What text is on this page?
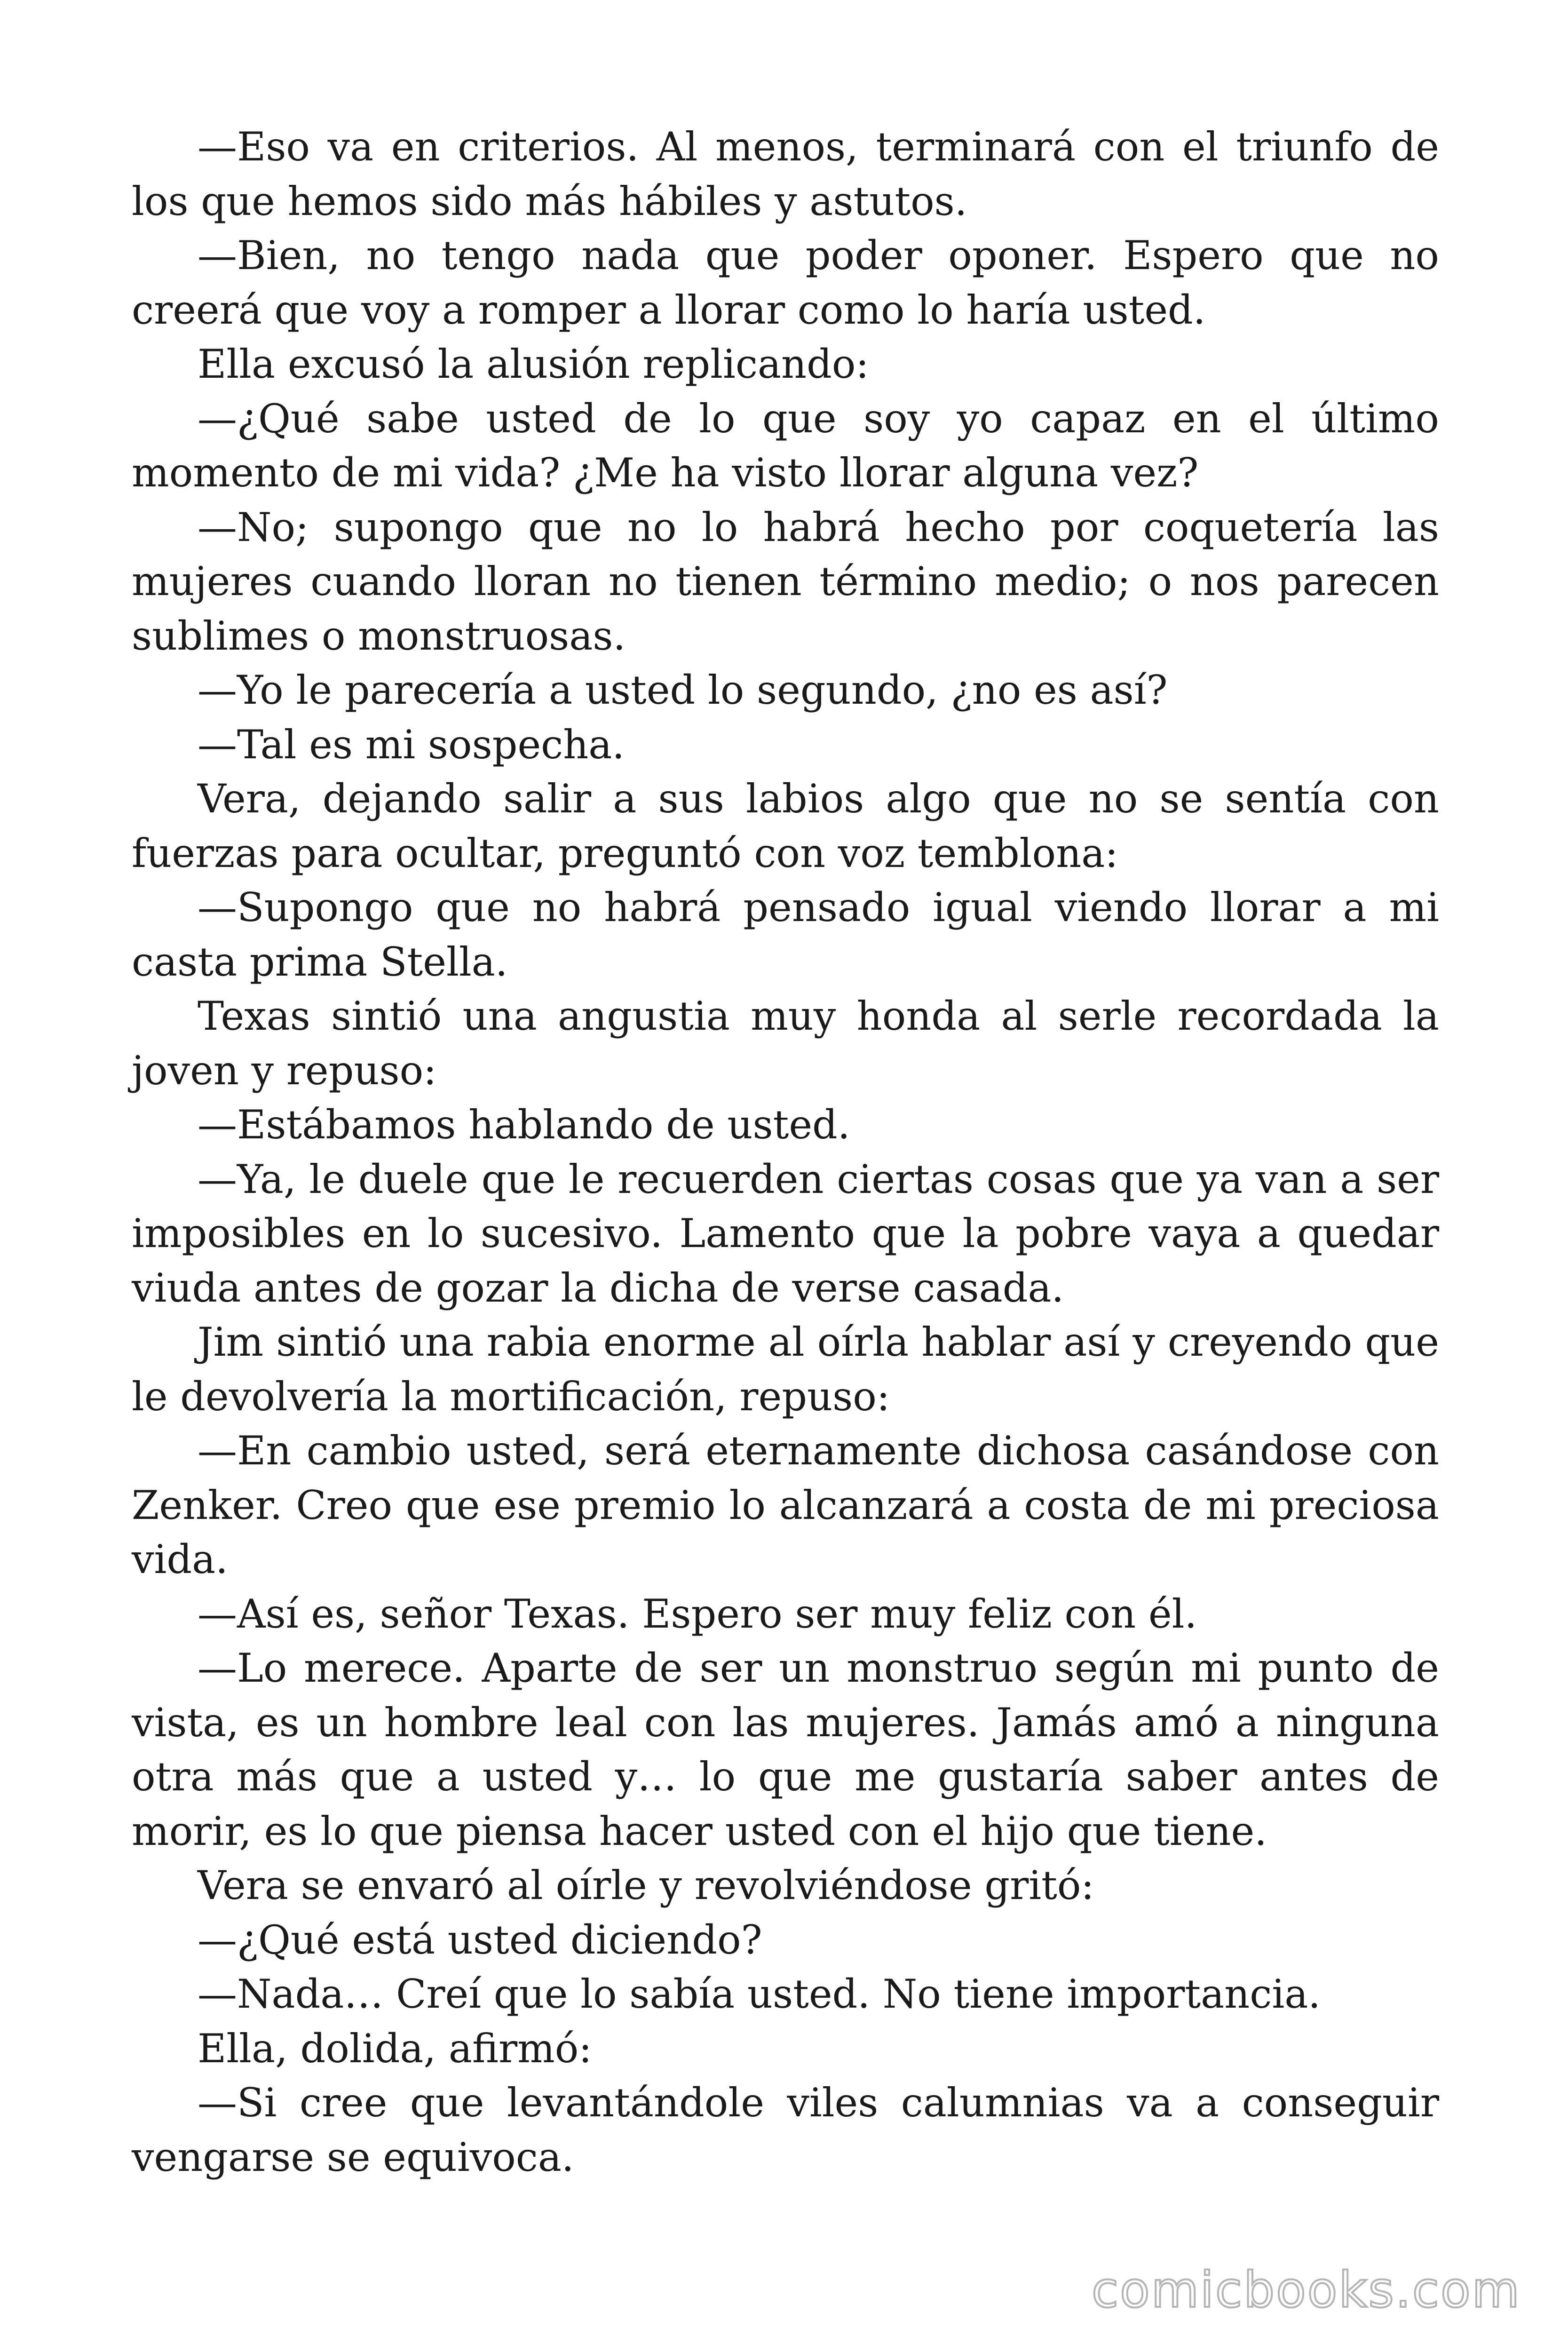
—Eso va en criterios. Al menos, terminará con el triunfo de los que hemos sido más hábiles y astutos.

—Bien, no tengo nada que poder oponer. Espero que no creerá que voy a romper a llorar como lo haría usted.

Ella excusó la alusión replicando:

—¿Qué sabe usted de lo que soy yo capaz en el último momento de mi vida? ¿Me ha visto llorar alguna vez?

—No; supongo que no lo habrá hecho por coquetería las mujeres cuando lloran no tienen término medio; o nos parecen sublimes o monstruosas.

—Yo le parecería a usted lo segundo, ¿no es así?

—Tal es mi sospecha.

Vera, dejando salir a sus labios algo que no se sentía con fuerzas para ocultar, preguntó con voz temblona:

—Supongo que no habrá pensado igual viendo llorar a mi casta prima Stella.

Texas sintió una angustia muy honda al serle recordada la joven y repuso:

—Estábamos hablando de usted.

—Ya, le duele que le recuerden ciertas cosas que ya van a ser imposibles en lo sucesivo. Lamento que la pobre vaya a quedar viuda antes de gozar la dicha de verse casada.

Jim sintió una rabia enorme al oírla hablar así y creyendo que le devolvería la mortificación, repuso:

—En cambio usted, será eternamente dichosa casándose con Zenker. Creo que ese premio lo alcanzará a costa de mi preciosa vida.

—Así es, señor Texas. Espero ser muy feliz con él.

—Lo merece. Aparte de ser un monstruo según mi punto de vista, es un hombre leal con las mujeres. Jamás amó a ninguna otra más que a usted y… lo que me gustaría saber antes de morir, es lo que piensa hacer usted con el hijo que tiene.

Vera se envaró al oírle y revolviéndose gritó:

—¿Qué está usted diciendo?

—Nada… Creí que lo sabía usted. No tiene importancia.

Ella, dolida, afirmó:

—Si cree que levantándole viles calumnias va a conseguir vengarse se equivoca.

comicbooks.com
